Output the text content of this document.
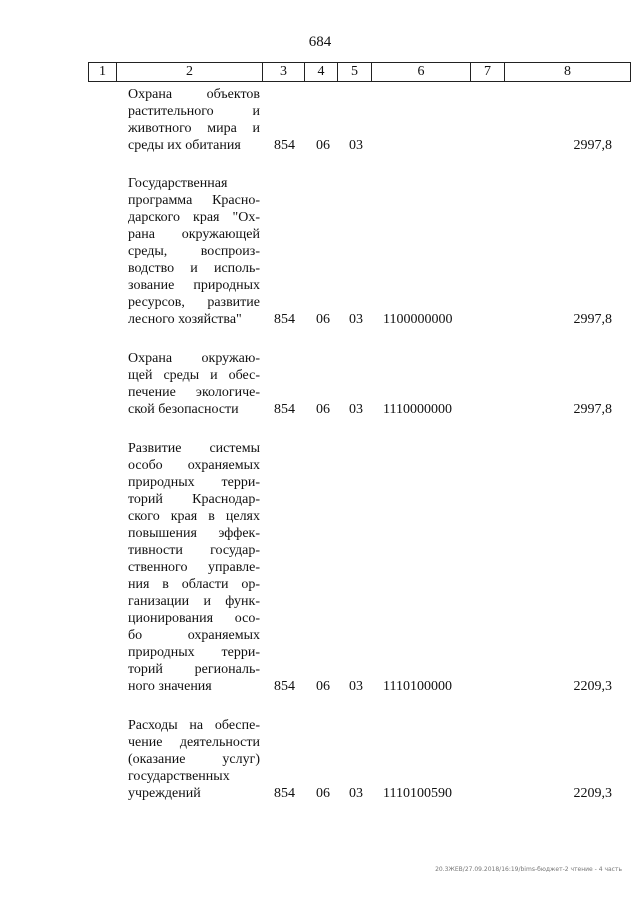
684
1	2	3	4	5	6	7	8
Охрана объектов
растительного и
животного мира и
среды их обитания	854 06 03	2997,8
Государственная
программа Красно-
дарского края "Ох-
рана окружающей
среды, воспроиз-
водство и исполь-
зование природных
ресурсов, развитие
лесного хозяйства"	854 06 03 1100000000	2997,8
Охрана окружаю-
щей среды и обес-
печение экологиче-
ской безопасности	854 06 03 1110000000	2997,8
Развитие системы
особо охраняемых
природных терри-
торий Краснодар-
ского края в целях
повышения эффек-
тивности государ-
ственного управле-
ния в области ор-
ганизации и функ-
ционирования осо-
бо охраняемых
природных терри-
торий региональ-
ного значения	854 06 03 1110100000	2209,3
Расходы на обеспе-
чение деятельности
(оказание услуг)
государственных
учреждений	854 06 03 1110100590	2209,3
20.3ЖЕВ/27.09.2018/16:19/bims-бюджет-2 чтение - 4 часть
